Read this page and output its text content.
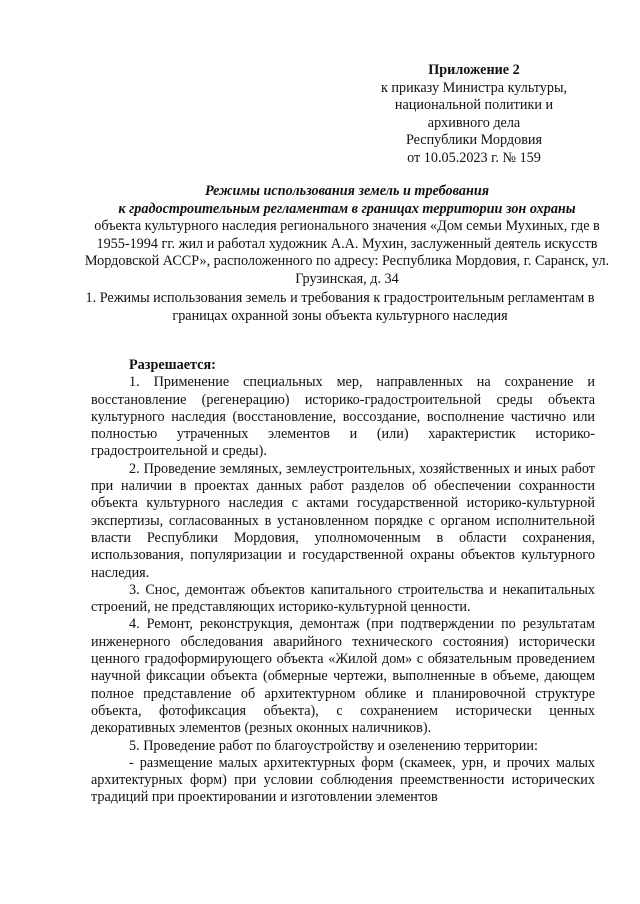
Приложение 2
к приказу Министра культуры,
национальной политики и
архивного дела
Республики Мордовия
от 10.05.2023 г. № 159
Режимы использования земель и требования
к градостроительным регламентам в границах территории зон охраны
объекта культурного наследия регионального значения «Дом семьи Мухиных, где в 1955-1994 гг. жил и работал художник А.А. Мухин, заслуженный деятель искусств Мордовской АССР», расположенного по адресу: Республика Мордовия, г. Саранск, ул. Грузинская, д. 34
1. Режимы использования земель и требования к градостроительным регламентам в границах охранной зоны объекта культурного наследия

Разрешается:

1. Применение специальных мер, направленных на сохранение и восстановление (регенерацию) историко-градостроительной среды объекта культурного наследия (восстановление, воссоздание, восполнение частично или полностью утраченных элементов и (или) характеристик историко-градостроительной и среды).

2. Проведение земляных, землеустроительных, хозяйственных и иных работ при наличии в проектах данных работ разделов об обеспечении сохранности объекта культурного наследия с актами государственной историко-культурной экспертизы, согласованных в установленном порядке с органом исполнительной власти Республики Мордовия, уполномоченным в области сохранения, использования, популяризации и государственной охраны объектов культурного наследия.

3. Снос, демонтаж объектов капитального строительства и некапитальных строений, не представляющих историко-культурной ценности.

4. Ремонт, реконструкция, демонтаж (при подтверждении по результатам инженерного обследования аварийного технического состояния) исторически ценного градоформирующего объекта «Жилой дом» с обязательным проведением научной фиксации объекта (обмерные чертежи, выполненные в объеме, дающем полное представление об архитектурном облике и планировочной структуре объекта, фотофиксация объекта), с сохранением исторически ценных декоративных элементов (резных оконных наличников).

5. Проведение работ по благоустройству и озеленению территории:

- размещение малых архитектурных форм (скамеек, урн, и прочих малых архитектурных форм) при условии соблюдения преемственности исторических традиций при проектировании и изготовлении элементов
